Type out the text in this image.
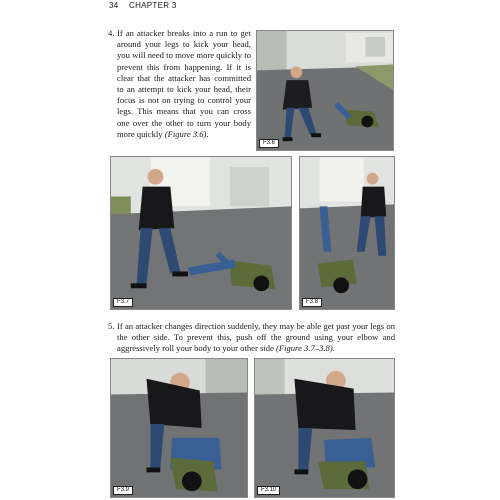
34 CHAPTER 3
4. If an attacker breaks into a run to get around your legs to kick your head, you will need to move more quickly to prevent this from happening. If it is clear that the attacker has committed to an attempt to kick your head, their focus is not on trying to control your legs. This means that you can cross one over the other to turn your body more quickly (Figure 3.6).
F3.6
F3.7	F3.8
5. If an attacker changes direction suddenly, they may be able get past your legs on the other side. To prevent this, push off the ground using your elbow and aggressively roll your body to your other side (Figure 3.7–3.8).
F3.9	F3.10
